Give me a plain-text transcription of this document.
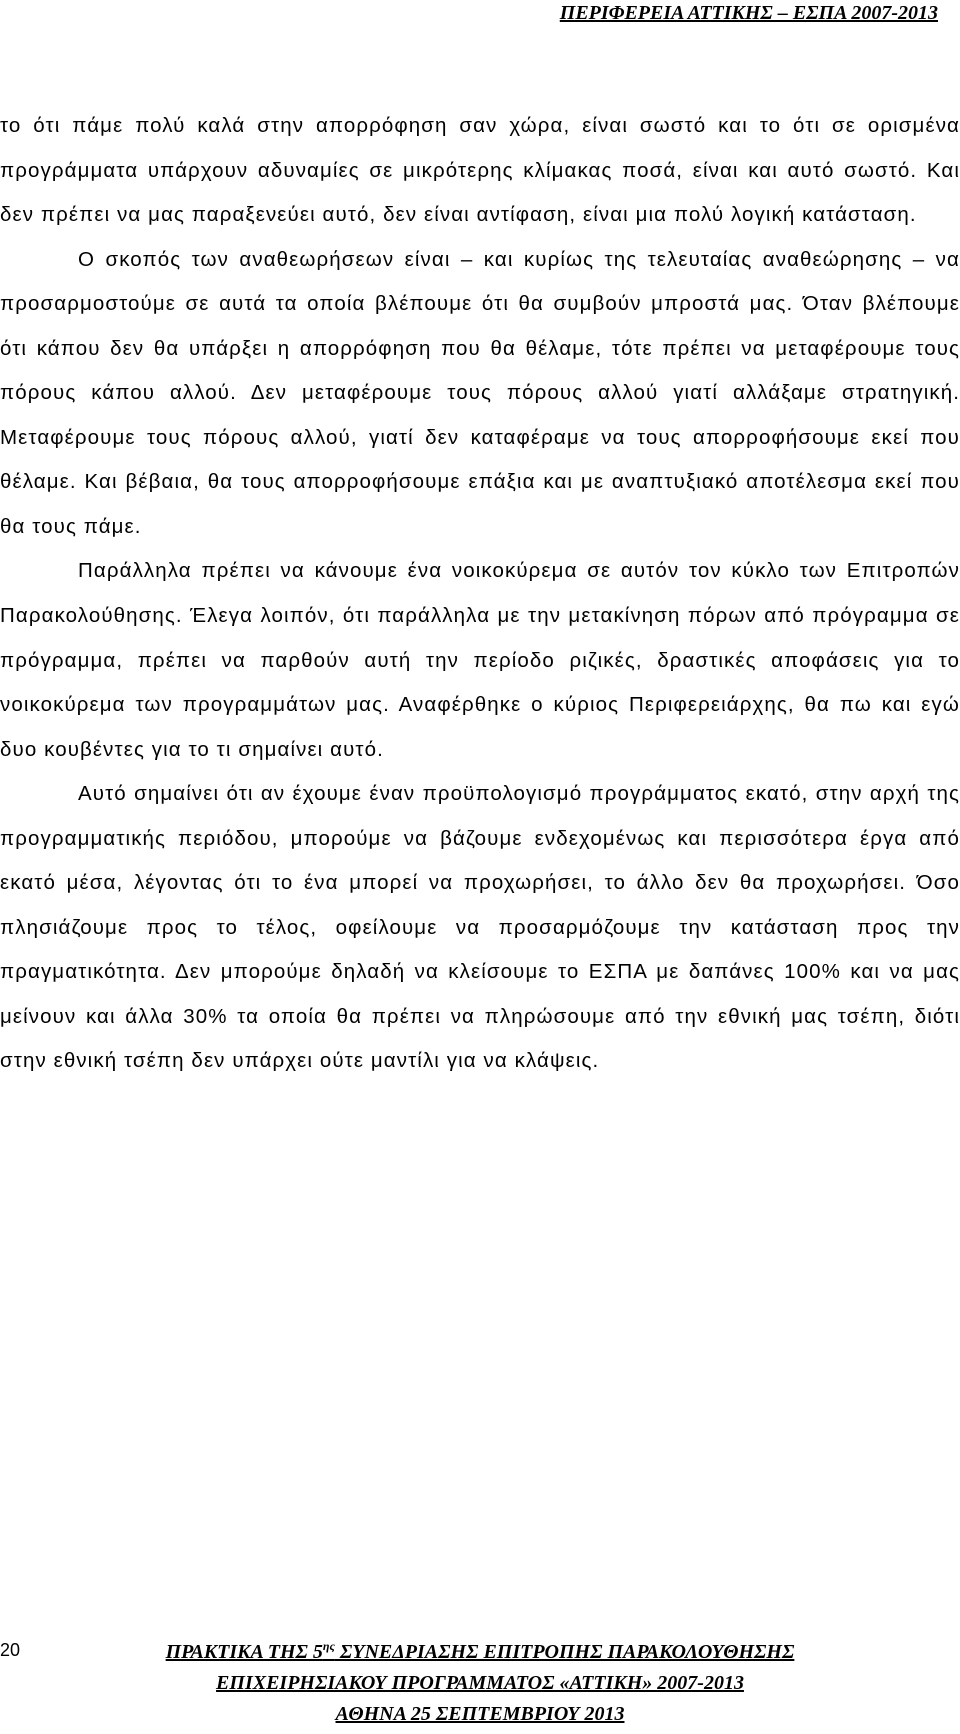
ΠΕΡΙΦΕΡΕΙΑ ΑΤΤΙΚΗΣ – ΕΣΠΑ 2007-2013

το ότι πάμε πολύ καλά στην απορρόφηση σαν χώρα, είναι σωστό και το ότι σε ορισμένα προγράμματα υπάρχουν αδυναμίες σε μικρότερης κλίμακας ποσά, είναι και αυτό σωστό. Και δεν πρέπει να μας παραξενεύει αυτό, δεν είναι αντίφαση, είναι μια πολύ λογική κατάσταση.

Ο σκοπός των αναθεωρήσεων είναι – και κυρίως της τελευταίας αναθεώρησης – να προσαρμοστούμε σε αυτά τα οποία βλέπουμε ότι θα συμβούν μπροστά μας. Όταν βλέπουμε ότι κάπου δεν θα υπάρξει η απορρόφηση που θα θέλαμε, τότε πρέπει να μεταφέρουμε τους πόρους κάπου αλλού. Δεν μεταφέρουμε τους πόρους αλλού γιατί αλλάξαμε στρατηγική. Μεταφέρουμε τους πόρους αλλού, γιατί δεν καταφέραμε να τους απορροφήσουμε εκεί που θέλαμε. Και βέβαια, θα τους απορροφήσουμε επάξια και με αναπτυξιακό αποτέλεσμα εκεί που θα τους πάμε.

Παράλληλα πρέπει να κάνουμε ένα νοικοκύρεμα σε αυτόν τον κύκλο των Επιτροπών Παρακολούθησης. Έλεγα λοιπόν, ότι παράλληλα με την μετακίνηση πόρων από πρόγραμμα σε πρόγραμμα, πρέπει να παρθούν αυτή την περίοδο ριζικές, δραστικές αποφάσεις για το νοικοκύρεμα των προγραμμάτων μας. Αναφέρθηκε ο κύριος Περιφερειάρχης, θα πω και εγώ δυο κουβέντες για το τι σημαίνει αυτό.

Αυτό σημαίνει ότι αν έχουμε έναν προϋπολογισμό προγράμματος εκατό, στην αρχή της προγραμματικής περιόδου, μπορούμε να βάζουμε ενδεχομένως και περισσότερα έργα από εκατό μέσα, λέγοντας ότι το ένα μπορεί να προχωρήσει, το άλλο δεν θα προχωρήσει. Όσο πλησιάζουμε προς το τέλος, οφείλουμε να προσαρμόζουμε την κατάσταση προς την πραγματικότητα. Δεν μπορούμε δηλαδή να κλείσουμε το ΕΣΠΑ με δαπάνες 100% και να μας μείνουν και άλλα 30% τα οποία θα πρέπει να πληρώσουμε από την εθνική μας τσέπη, διότι στην εθνική τσέπη δεν υπάρχει ούτε μαντίλι για να κλάψεις.

20	ΠΡΑΚΤΙΚΑ ΤΗΣ $5^{\eta\varsigma}$ ΣΥΝΕΔΡΙΑΣΗΣ ΕΠΙΤΡΟΠΗΣ ΠΑΡΑΚΟΛΟΥΘΗΣΗΣ
ΕΠΙΧΕΙΡΗΣΙΑΚΟΥ ΠΡΟΓΡΑΜΜΑΤΟΣ «ΑΤΤΙΚΗ» 2007-2013
ΑΘΗΝΑ 25 ΣΕΠΤΕΜΒΡΙΟΥ 2013
